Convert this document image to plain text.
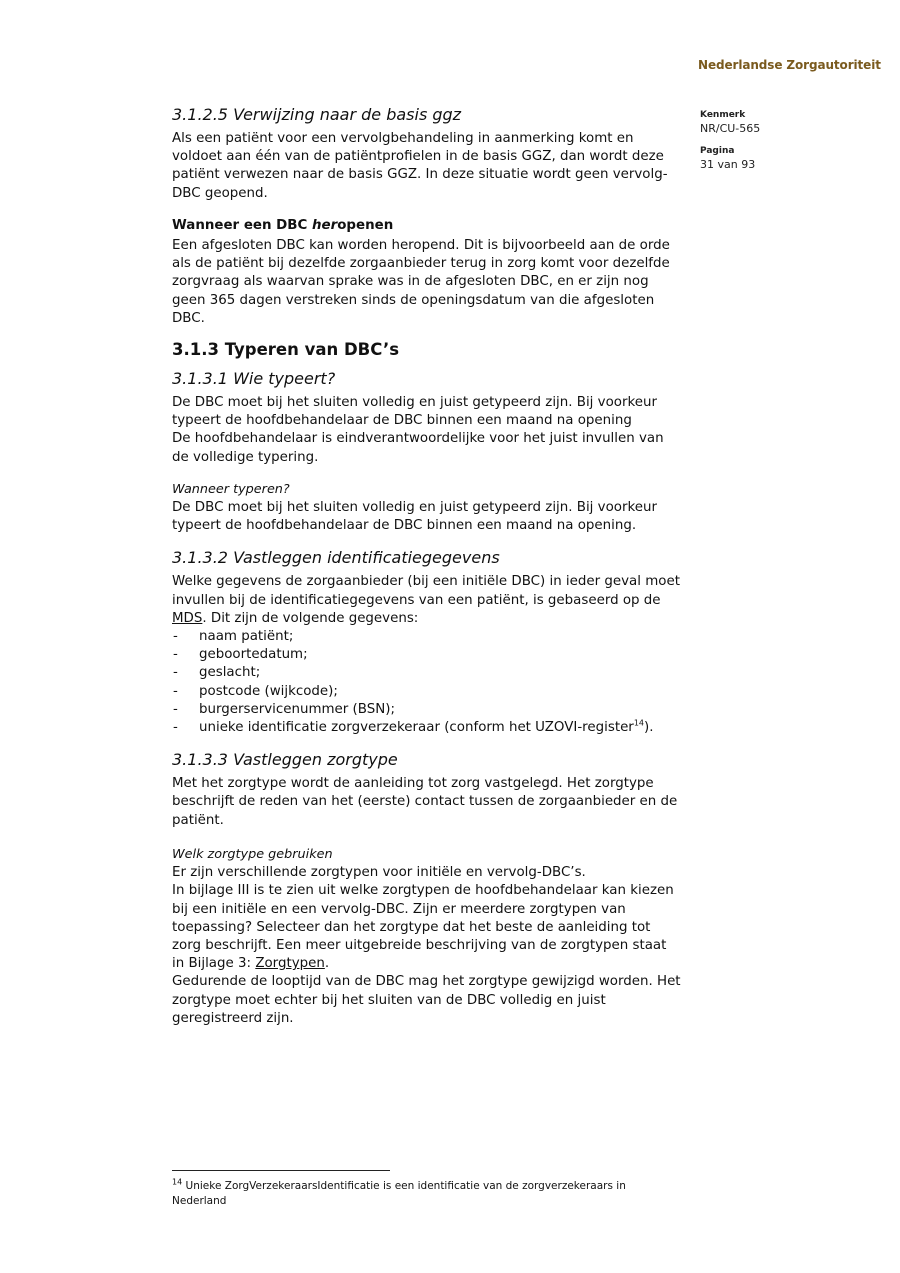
Nederlandse Zorgautoriteit
Kenmerk
NR/CU-565
Pagina
31 van 93
3.1.2.5 Verwijzing naar de basis ggz

Als een patiënt voor een vervolgbehandeling in aanmerking komt en voldoet aan één van de patiëntprofielen in de basis GGZ, dan wordt deze patiënt verwezen naar de basis GGZ. In deze situatie wordt geen vervolg-DBC geopend.

Wanneer een DBC heropenen

Een afgesloten DBC kan worden heropend. Dit is bijvoorbeeld aan de orde als de patiënt bij dezelfde zorgaanbieder terug in zorg komt voor dezelfde zorgvraag als waarvan sprake was in de afgesloten DBC, en er zijn nog geen 365 dagen verstreken sinds de openingsdatum van die afgesloten DBC.

3.1.3 Typeren van DBC’s
3.1.3.1 Wie typeert?

De DBC moet bij het sluiten volledig en juist getypeerd zijn. Bij voorkeur typeert de hoofdbehandelaar de DBC binnen een maand na opening

De hoofdbehandelaar is eindverantwoordelijke voor het juist invullen van de volledige typering.

Wanneer typeren?

De DBC moet bij het sluiten volledig en juist getypeerd zijn. Bij voorkeur typeert de hoofdbehandelaar de DBC binnen een maand na opening.

3.1.3.2 Vastleggen identificatiegegevens

Welke gegevens de zorgaanbieder (bij een initiële DBC) in ieder geval moet invullen bij de identificatiegegevens van een patiënt, is gebaseerd op de MDS. Dit zijn de volgende gegevens:

- naam patiënt;
- geboortedatum;
- geslacht;
- postcode (wijkcode);
- burgerservicenummer (BSN);
- unieke identificatie zorgverzekeraar (conform het UZOVI-register$^{14}$).
3.1.3.3 Vastleggen zorgtype

Met het zorgtype wordt de aanleiding tot zorg vastgelegd. Het zorgtype beschrijft de reden van het (eerste) contact tussen de zorgaanbieder en de patiënt.

Welk zorgtype gebruiken

Er zijn verschillende zorgtypen voor initiële en vervolg-DBC’s.

In bijlage III is te zien uit welke zorgtypen de hoofdbehandelaar kan kiezen bij een initiële en een vervolg-DBC. Zijn er meerdere zorgtypen van toepassing? Selecteer dan het zorgtype dat het beste de aanleiding tot zorg beschrijft. Een meer uitgebreide beschrijving van de zorgtypen staat in Bijlage 3: Zorgtypen.

Gedurende de looptijd van de DBC mag het zorgtype gewijzigd worden. Het zorgtype moet echter bij het sluiten van de DBC volledig en juist geregistreerd zijn.

$^{14}$ Unieke ZorgVerzekeraarsIdentificatie is een identificatie van de zorgverzekeraars in Nederland
